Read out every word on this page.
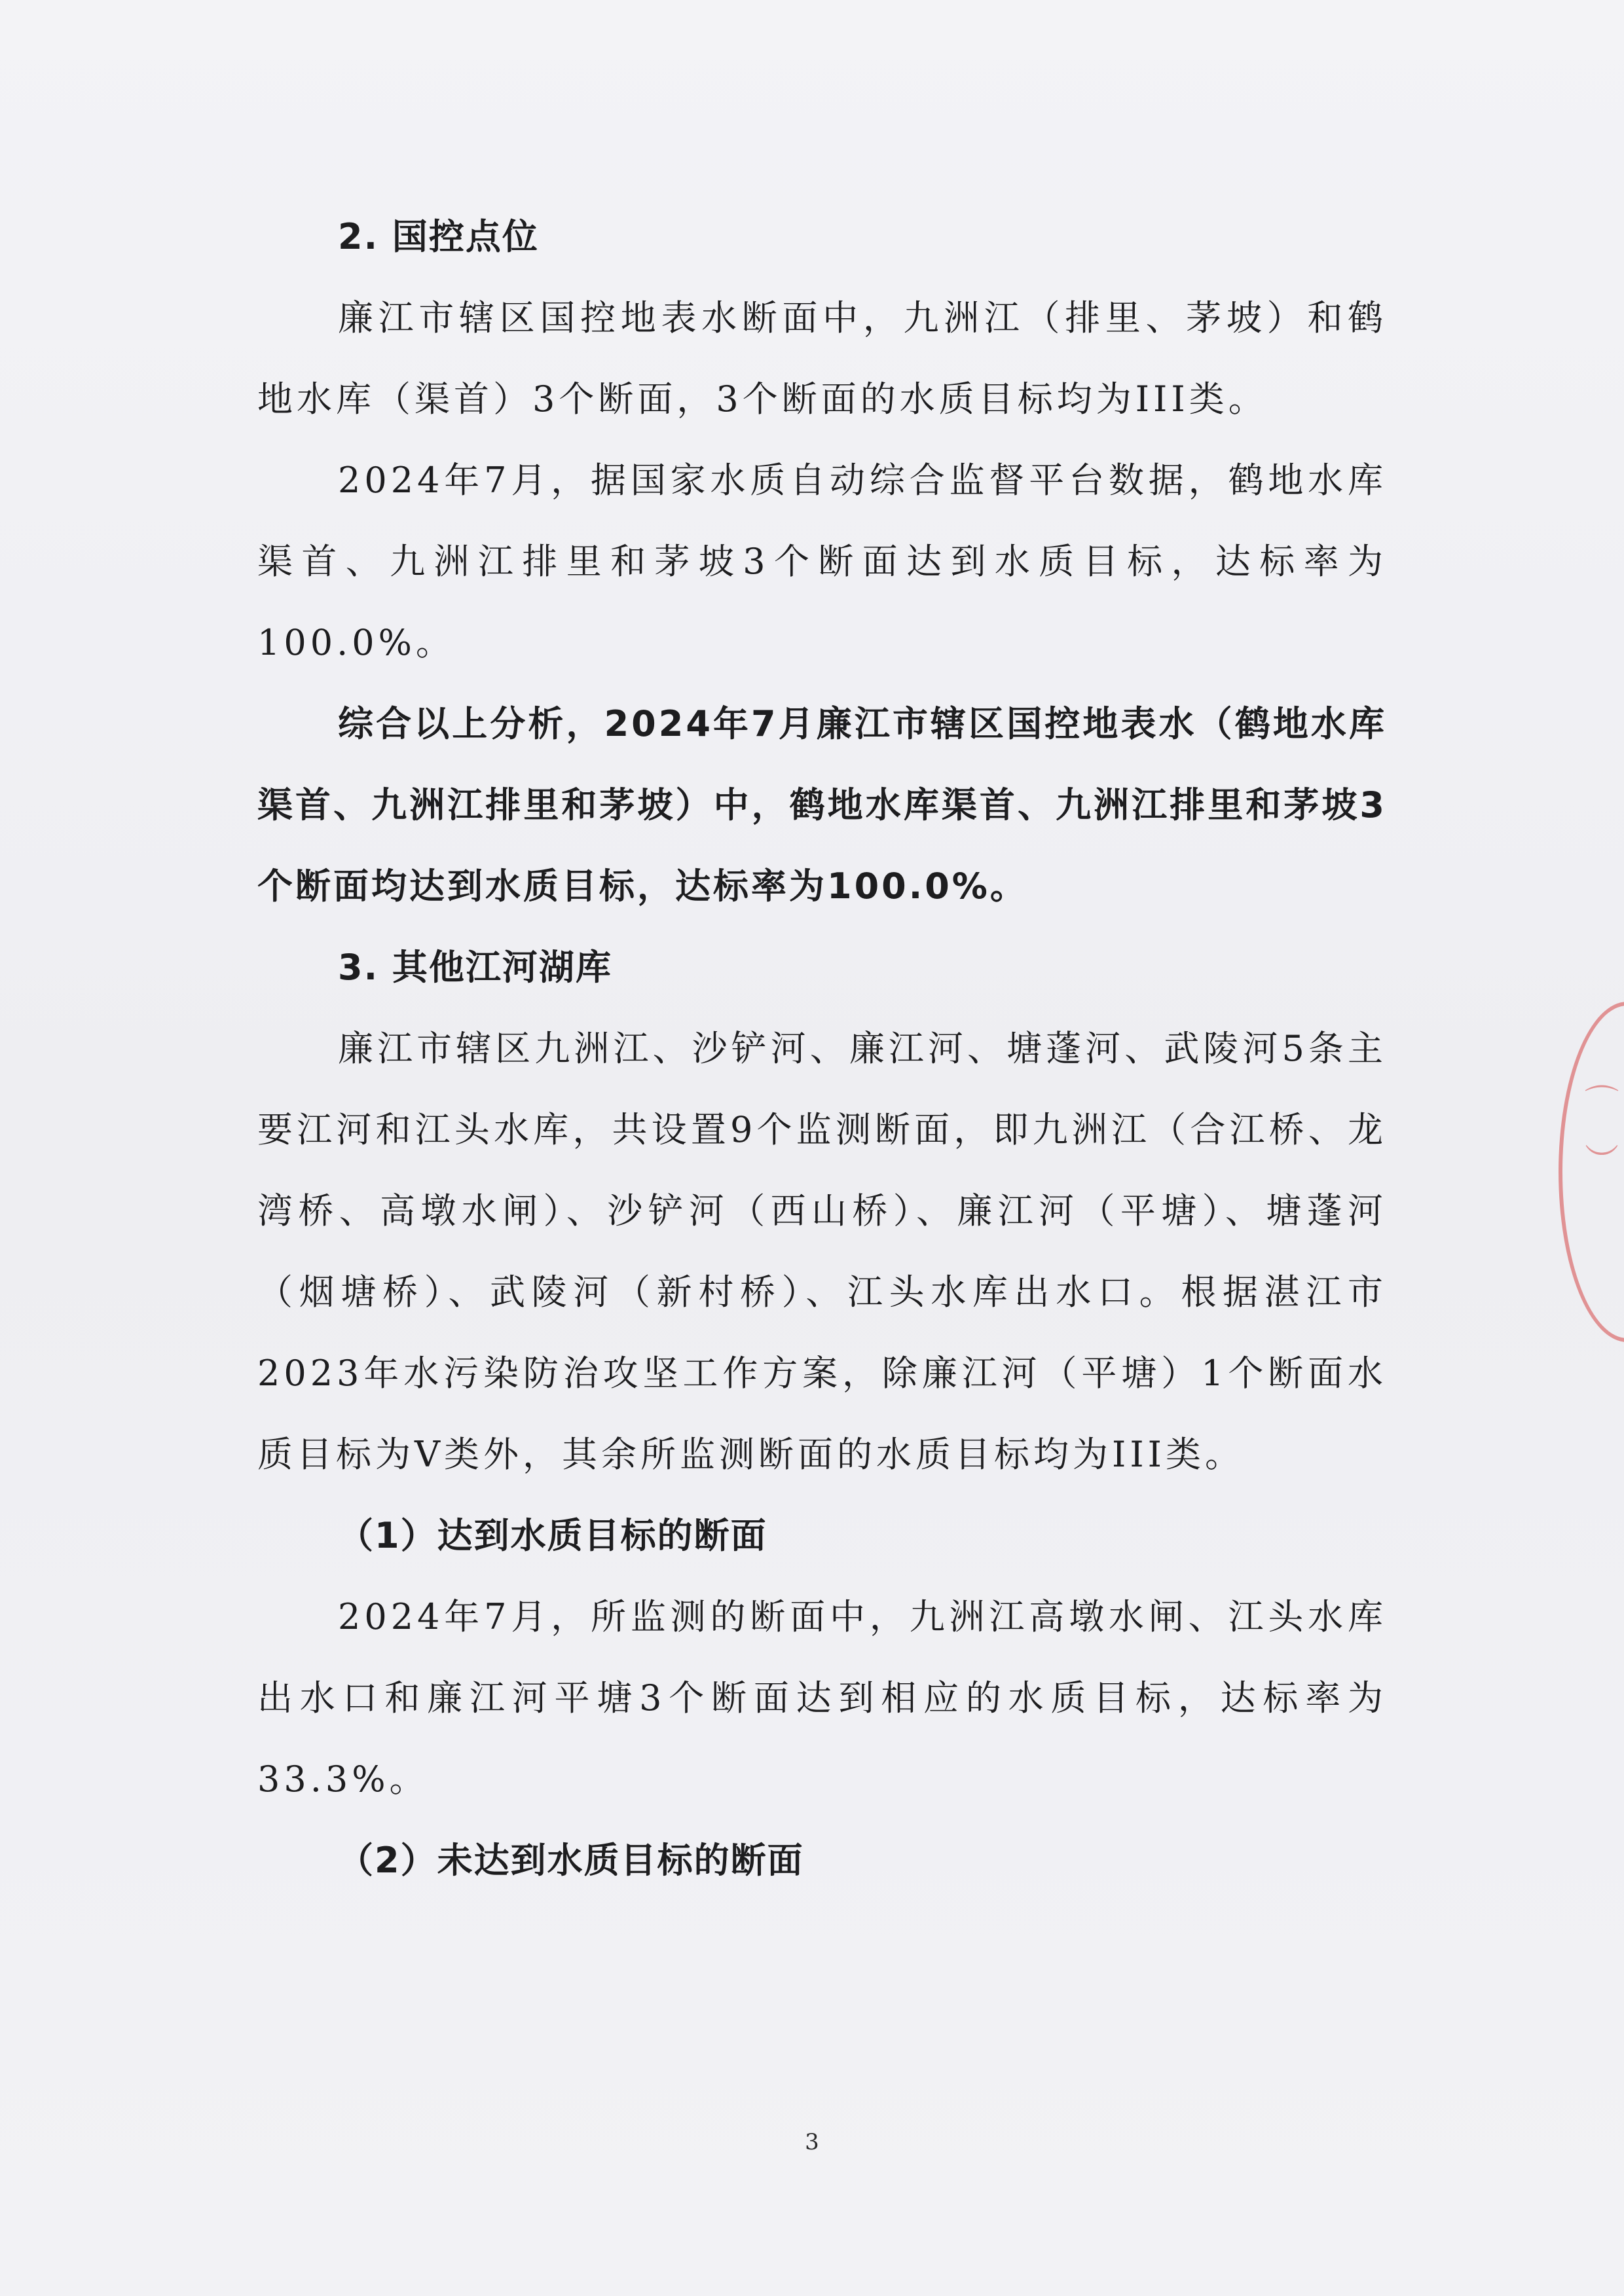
2. 国控点位

廉江市辖区国控地表水断面中，九洲江（排里、茅坡）和鹤地水库（渠首）3个断面，3个断面的水质目标均为III类。

2024年7月，据国家水质自动综合监督平台数据，鹤地水库渠首、九洲江排里和茅坡3个断面达到水质目标，达标率为100.0%。

综合以上分析，2024年7月廉江市辖区国控地表水（鹤地水库渠首、九洲江排里和茅坡）中，鹤地水库渠首、九洲江排里和茅坡3个断面均达到水质目标，达标率为100.0%。

3. 其他江河湖库

廉江市辖区九洲江、沙铲河、廉江河、塘蓬河、武陵河5条主要江河和江头水库，共设置9个监测断面，即九洲江（合江桥、龙湾桥、高墩水闸）、沙铲河（西山桥）、廉江河（平塘）、塘蓬河（烟塘桥）、武陵河（新村桥）、江头水库出水口。根据湛江市2023年水污染防治攻坚工作方案，除廉江河（平塘）1个断面水质目标为V类外，其余所监测断面的水质目标均为III类。

（1）达到水质目标的断面

2024年7月，所监测的断面中，九洲江高墩水闸、江头水库出水口和廉江河平塘3个断面达到相应的水质目标，达标率为33.3%。

（2）未达到水质目标的断面
⌒
︶
3
